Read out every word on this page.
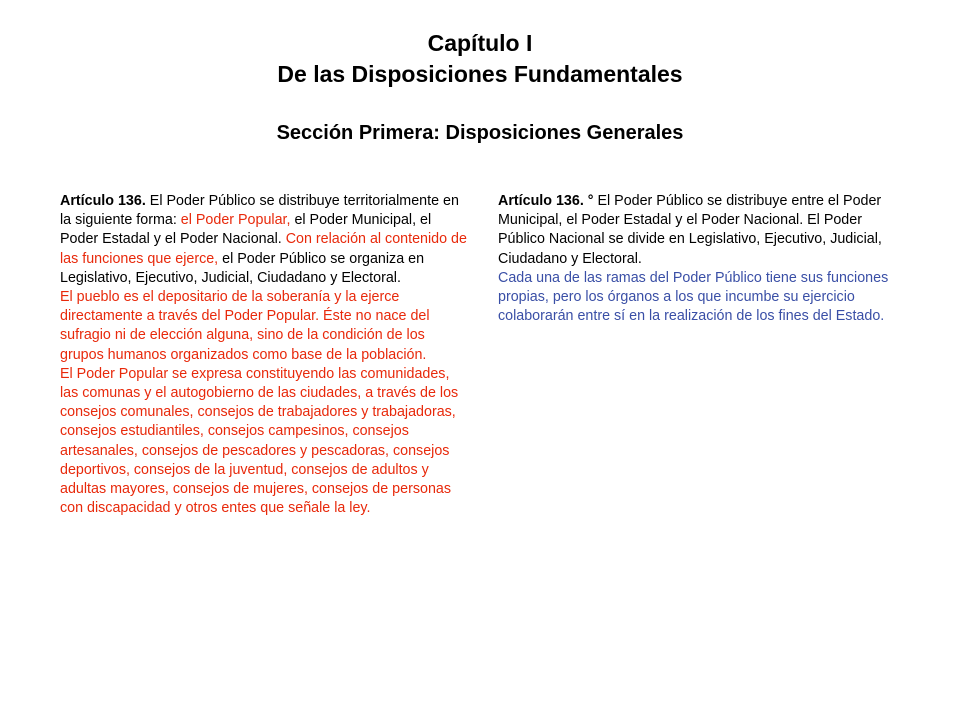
Capítulo I
De las Disposiciones Fundamentales
Sección Primera: Disposiciones Generales

Artículo 136. El Poder Público se distribuye territorialmente en la siguiente forma: el Poder Popular, el Poder Municipal, el Poder Estadal y el Poder Nacional. Con relación al contenido de las funciones que ejerce, el Poder Público se organiza en Legislativo, Ejecutivo, Judicial, Ciudadano y Electoral.

El pueblo es el depositario de la soberanía y la ejerce directamente a través del Poder Popular. Éste no nace del sufragio ni de elección alguna, sino de la condición de los grupos humanos organizados como base de la población.

El Poder Popular se expresa constituyendo las comunidades, las comunas y el autogobierno de las ciudades, a través de los consejos comunales, consejos de trabajadores y trabajadoras, consejos estudiantiles, consejos campesinos, consejos artesanales, consejos de pescadores y pescadoras, consejos deportivos, consejos de la juventud, consejos de adultos y adultas mayores, consejos de mujeres, consejos de personas con discapacidad y otros entes que señale la ley.

Artículo 136. ° El Poder Público se distribuye entre el Poder Municipal, el Poder Estadal y el Poder Nacional. El Poder Público Nacional se divide en Legislativo, Ejecutivo, Judicial, Ciudadano y Electoral.

Cada una de las ramas del Poder Público tiene sus funciones propias, pero los órganos a los que incumbe su ejercicio colaborarán entre sí en la realización de los fines del Estado.
